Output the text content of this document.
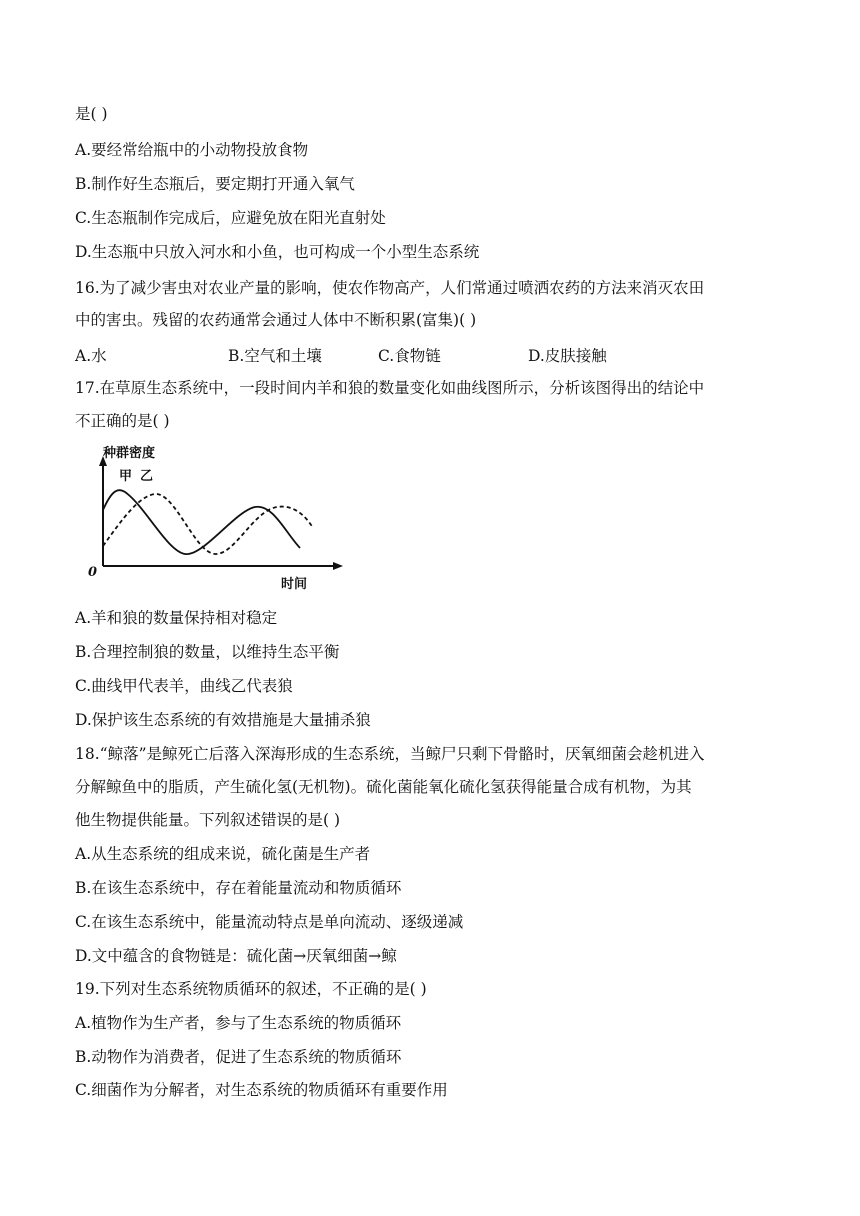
是( )
A.要经常给瓶中的小动物投放食物
B.制作好生态瓶后，要定期打开通入氧气
C.生态瓶制作完成后，应避免放在阳光直射处
D.生态瓶中只放入河水和小鱼，也可构成一个小型生态系统
16.为了减少害虫对农业产量的影响，使农作物高产，人们常通过喷洒农药的方法来消灭农田
中的害虫。残留的农药通常会通过人体中不断积累(富集)( )
A.水	B.空气和土壤	C.食物链	D.皮肤接触
17.在草原生态系统中，一段时间内羊和狼的数量变化如曲线图所示，分析该图得出的结论中
不正确的是( )
种群密度
时间
0
甲 乙
A.羊和狼的数量保持相对稳定
B.合理控制狼的数量，以维持生态平衡
C.曲线甲代表羊，曲线乙代表狼
D.保护该生态系统的有效措施是大量捕杀狼
18.“鲸落”是鲸死亡后落入深海形成的生态系统，当鲸尸只剩下骨骼时，厌氧细菌会趁机进入
分解鲸鱼中的脂质，产生硫化氢(无机物)。硫化菌能氧化硫化氢获得能量合成有机物，为其
他生物提供能量。下列叙述错误的是( )
A.从生态系统的组成来说，硫化菌是生产者
B.在该生态系统中，存在着能量流动和物质循环
C.在该生态系统中，能量流动特点是单向流动、逐级递减
D.文中蕴含的食物链是：硫化菌→厌氧细菌→鲸
19.下列对生态系统物质循环的叙述，不正确的是( )
A.植物作为生产者，参与了生态系统的物质循环
B.动物作为消费者，促进了生态系统的物质循环
C.细菌作为分解者，对生态系统的物质循环有重要作用
